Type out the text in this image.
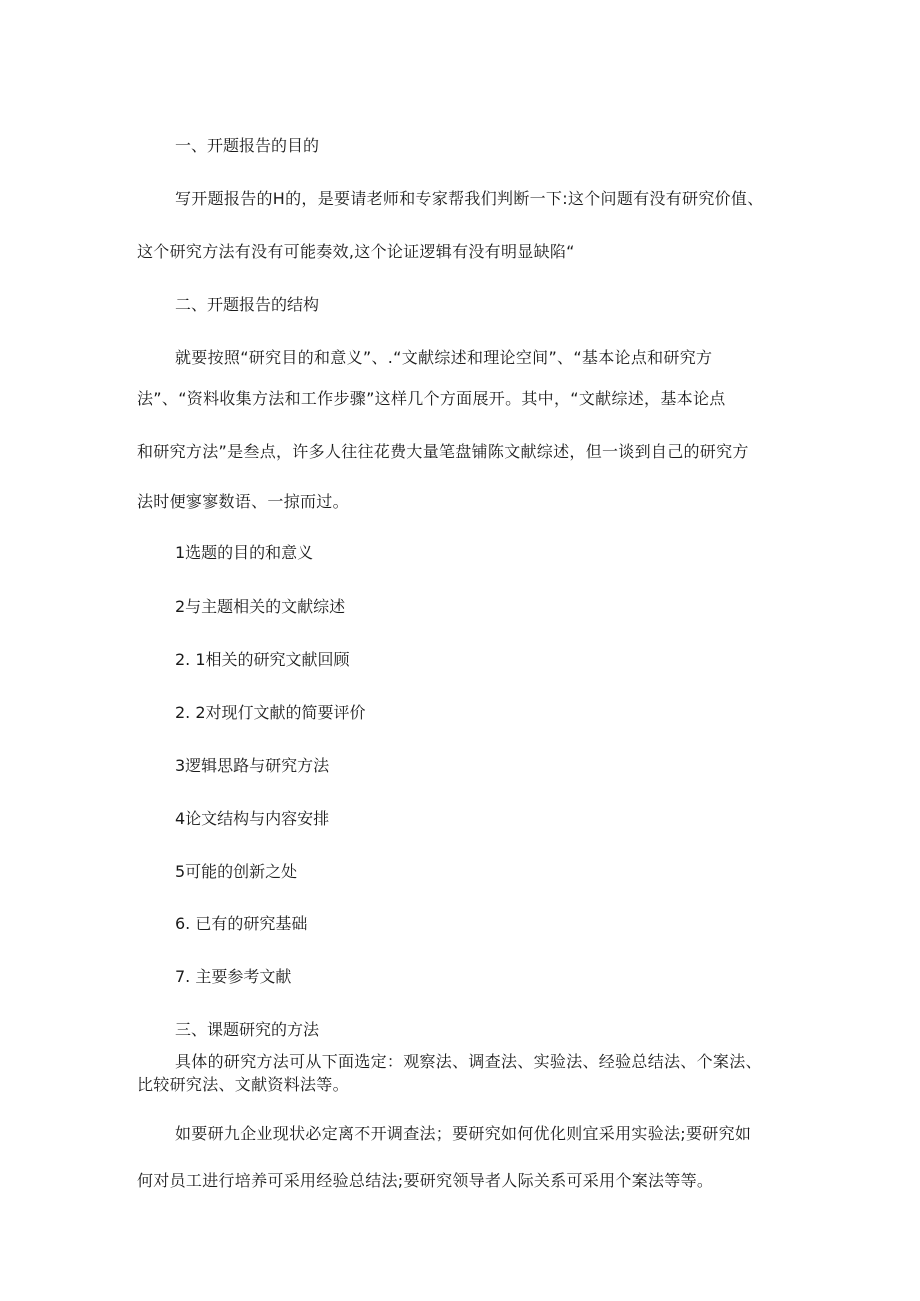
一、开题报告的目的

写开题报告的H的，是要请老师和专家帮我们判断一下:这个问题有没有研究价值、

这个研究方法有没有可能奏效,这个论证逻辑有没有明显缺陷“

二、开题报告的结构

就要按照“研究目的和意义”、.“文献综述和理论空间”、“基本论点和研究方

法”、“资料收集方法和工作步骤”这样几个方面展开。其中，“文献综述，基本论点

和研究方法”是叁点，许多人往往花费大量笔盘铺陈文献综述，但一谈到自己的研究方

法时便寥寥数语、一掠而过。

1选题的目的和意义

2与主题相关的文献综述

2. 1相关的研究文献回顾

2. 2对现仃文献的简要评价

3逻辑思路与研究方法

4论文结构与内容安排

5可能的创新之处

6. 已有的研究基础

7. 主要参考文献

三、课题研究的方法

具体的研究方法可从下面选定：观察法、调查法、实验法、经验总结法、个案法、

比较研究法、文献资料法等。

如要研九企业现状必定离不开调查法；要研究如何优化则宜采用实验法;要研究如

何对员工进行培养可采用经验总结法;要研究领导者人际关系可采用个案法等等。
